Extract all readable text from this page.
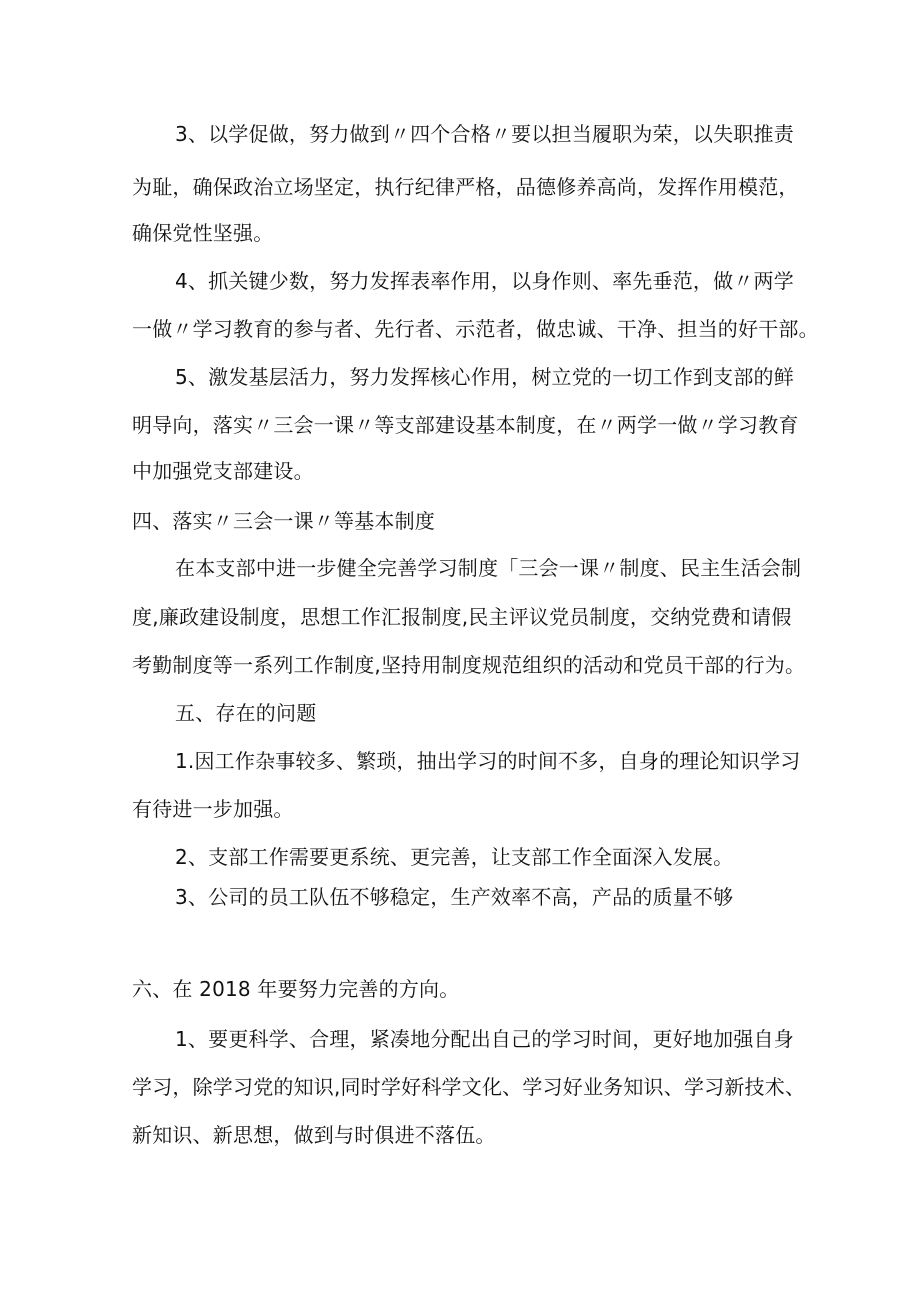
3、以学促做，努力做到〃四个合格〃要以担当履职为荣，以失职推责
为耻，确保政治立场坚定，执行纪律严格，品德修养高尚，发挥作用模范，
确保党性坚强。
4、抓关键少数，努力发挥表率作用，以身作则、率先垂范，做〃两学
一做〃学习教育的参与者、先行者、示范者，做忠诚、干净、担当的好干部。
5、激发基层活力，努力发挥核心作用，树立党的一切工作到支部的鲜
明导向，落实〃三会一课〃等支部建设基本制度，在〃两学一做〃学习教育
中加强党支部建设。
四、落实〃三会一课〃等基本制度
在本支部中进一步健全完善学习制度「三会一课〃制度、民主生活会制
度,廉政建设制度，思想工作汇报制度,民主评议党员制度，交纳党费和请假
考勤制度等一系列工作制度,坚持用制度规范组织的活动和党员干部的行为。
五、存在的问题
1.因工作杂事较多、繁琐，抽出学习的时间不多，自身的理论知识学习
有待进一步加强。
2、支部工作需要更系统、更完善，让支部工作全面深入发展。
3、公司的员工队伍不够稳定，生产效率不高，产品的质量不够
六、在 2018 年要努力完善的方向。
1、要更科学、合理，紧凑地分配出自己的学习时间，更好地加强自身
学习，除学习党的知识,同时学好科学文化、学习好业务知识、学习新技术、
新知识、新思想，做到与时俱进不落伍。
